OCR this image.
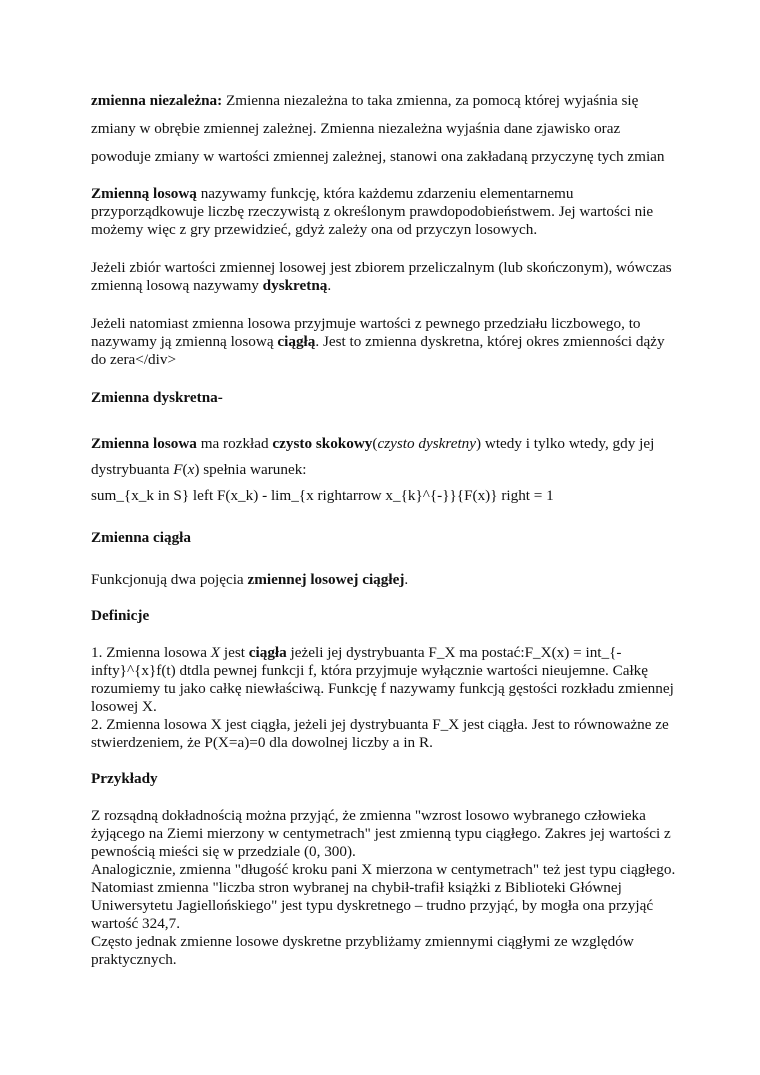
zmienna niezależna: Zmienna niezależna to taka zmienna, za pomocą której wyjaśnia się zmiany w obrębie zmiennej zależnej. Zmienna niezależna wyjaśnia dane zjawisko oraz powoduje zmiany w wartości zmiennej zależnej, stanowi ona zakładaną przyczynę tych zmian

Zmienną losową nazywamy funkcję, która każdemu zdarzeniu elementarnemu przyporządkowuje liczbę rzeczywistą z określonym prawdopodobieństwem. Jej wartości nie możemy więc z gry przewidzieć, gdyż zależy ona od przyczyn losowych.

Jeżeli zbiór wartości zmiennej losowej jest zbiorem przeliczalnym (lub skończonym), wówczas zmienną losową nazywamy dyskretną.

Jeżeli natomiast zmienna losowa przyjmuje wartości z pewnego przedziału liczbowego, to nazywamy ją zmienną losową ciągłą. Jest to zmienna dyskretna, której okres zmienności dąży do zera</div>

Zmienna dyskretna-

Zmienna losowa ma rozkład czysto skokowy(czysto dyskretny) wtedy i tylko wtedy, gdy jej
dystrybuanta F(x) spełnia warunek:
sum_{x_k in S} left F(x_k) - lim_{x rightarrow x_{k}^{-}}{F(x)} right = 1

Zmienna ciągła

Funkcjonują dwa pojęcia zmiennej losowej ciągłej.

Definicje

1. Zmienna losowa X jest ciągła jeżeli jej dystrybuanta F_X ma postać:F_X(x) = int_{-infty}^{x}f(t) dtdla pewnej funkcji f, która przyjmuje wyłącznie wartości nieujemne. Całkę rozumiemy tu jako całkę niewłaściwą. Funkcję f nazywamy funkcją gęstości rozkładu zmiennej losowej X.
2. Zmienna losowa X jest ciągła, jeżeli jej dystrybuanta F_X jest ciągła. Jest to równoważne ze stwierdzeniem, że P(X=a)=0 dla dowolnej liczby a in R.

Przykłady

Z rozsądną dokładnością można przyjąć, że zmienna "wzrost losowo wybranego człowieka żyjącego na Ziemi mierzony w centymetrach" jest zmienną typu ciągłego. Zakres jej wartości z pewnością mieści się w przedziale (0, 300).
Analogicznie, zmienna "długość kroku pani X mierzona w centymetrach" też jest typu ciągłego.
Natomiast zmienna "liczba stron wybranej na chybił-trafił książki z Biblioteki Głównej Uniwersytetu Jagiellońskiego" jest typu dyskretnego – trudno przyjąć, by mogła ona przyjąć wartość 324,7.
Często jednak zmienne losowe dyskretne przybliżamy zmiennymi ciągłymi ze względów praktycznych.
